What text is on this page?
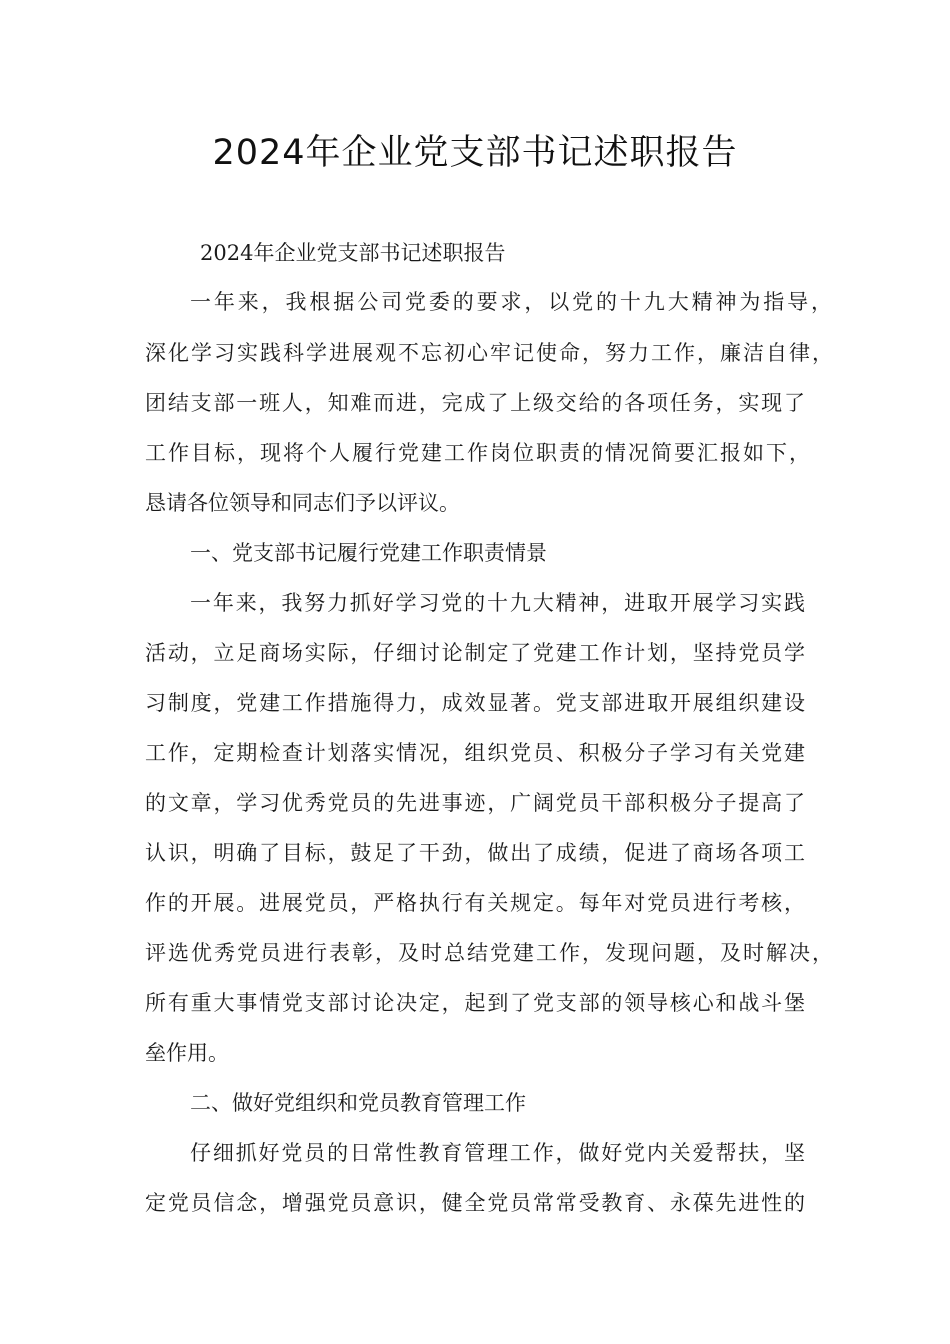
2024年企业党支部书记述职报告
2024年企业党支部书记述职报告
一年来，我根据公司党委的要求，以党的十九大精神为指导，
深化学习实践科学进展观不忘初心牢记使命，努力工作，廉洁自律，
团结支部一班人，知难而进，完成了上级交给的各项任务，实现了
工作目标，现将个人履行党建工作岗位职责的情况简要汇报如下，
恳请各位领导和同志们予以评议。
一、党支部书记履行党建工作职责情景
一年来，我努力抓好学习党的十九大精神，进取开展学习实践
活动，立足商场实际，仔细讨论制定了党建工作计划，坚持党员学
习制度，党建工作措施得力，成效显著。党支部进取开展组织建设
工作，定期检查计划落实情况，组织党员、积极分子学习有关党建
的文章，学习优秀党员的先进事迹，广阔党员干部积极分子提高了
认识，明确了目标，鼓足了干劲，做出了成绩，促进了商场各项工
作的开展。进展党员，严格执行有关规定。每年对党员进行考核，
评选优秀党员进行表彰，及时总结党建工作，发现问题，及时解决，
所有重大事情党支部讨论决定，起到了党支部的领导核心和战斗堡
垒作用。
二、做好党组织和党员教育管理工作
仔细抓好党员的日常性教育管理工作，做好党内关爱帮扶，坚
定党员信念，增强党员意识，健全党员常常受教育、永葆先进性的
